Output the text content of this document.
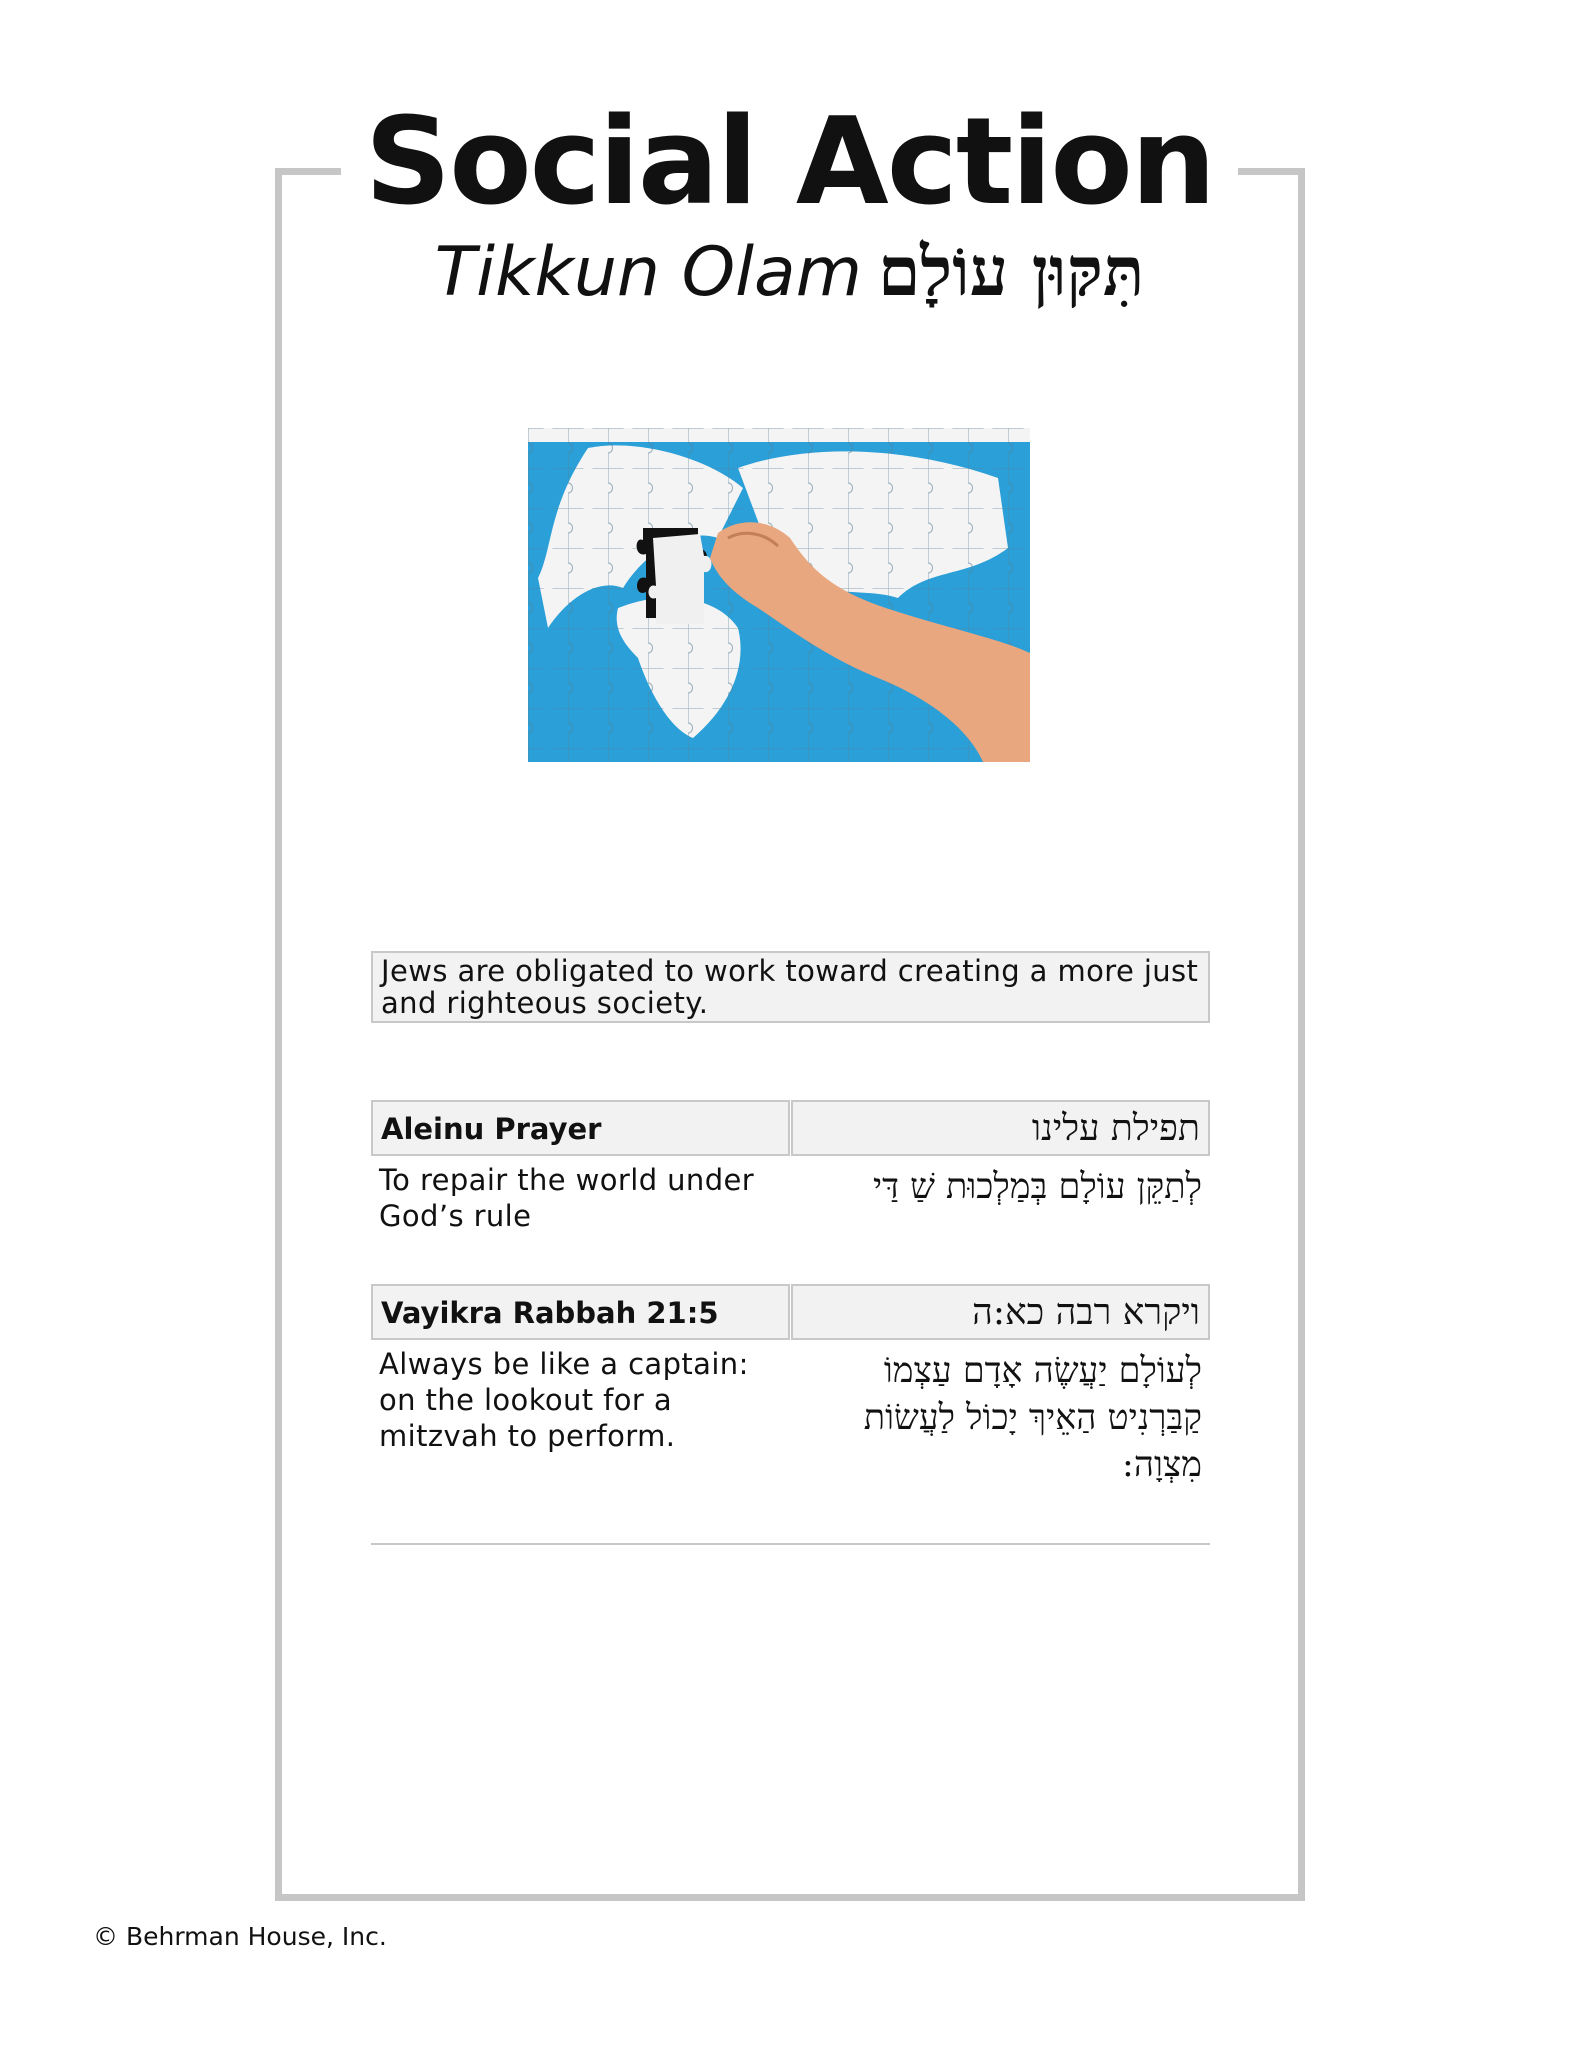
Social Action
Tikkun Olam תִּקּוּן עוֹלָם
Jews are obligated to work toward creating a more just and righteous society.
Aleinu Prayer	תפילת עלינו
To repair the world under God’s rule
לְתַקֵּן עוֹלָם בְּמַלְכוּת שַׁ דַּי
Vayikra Rabbah 21:5	ויקרא רבה כא:ה
Always be like a captain: on the lookout for a mitzvah to perform.
לְעוֹלָם יַעֲשֶׂה אָדָם עַצְמוֹ קַבַּרְנִיט הַאֵיךְ יָכוֹל לַעֲשׂוֹת מִצְוָה:
© Behrman House, Inc.
